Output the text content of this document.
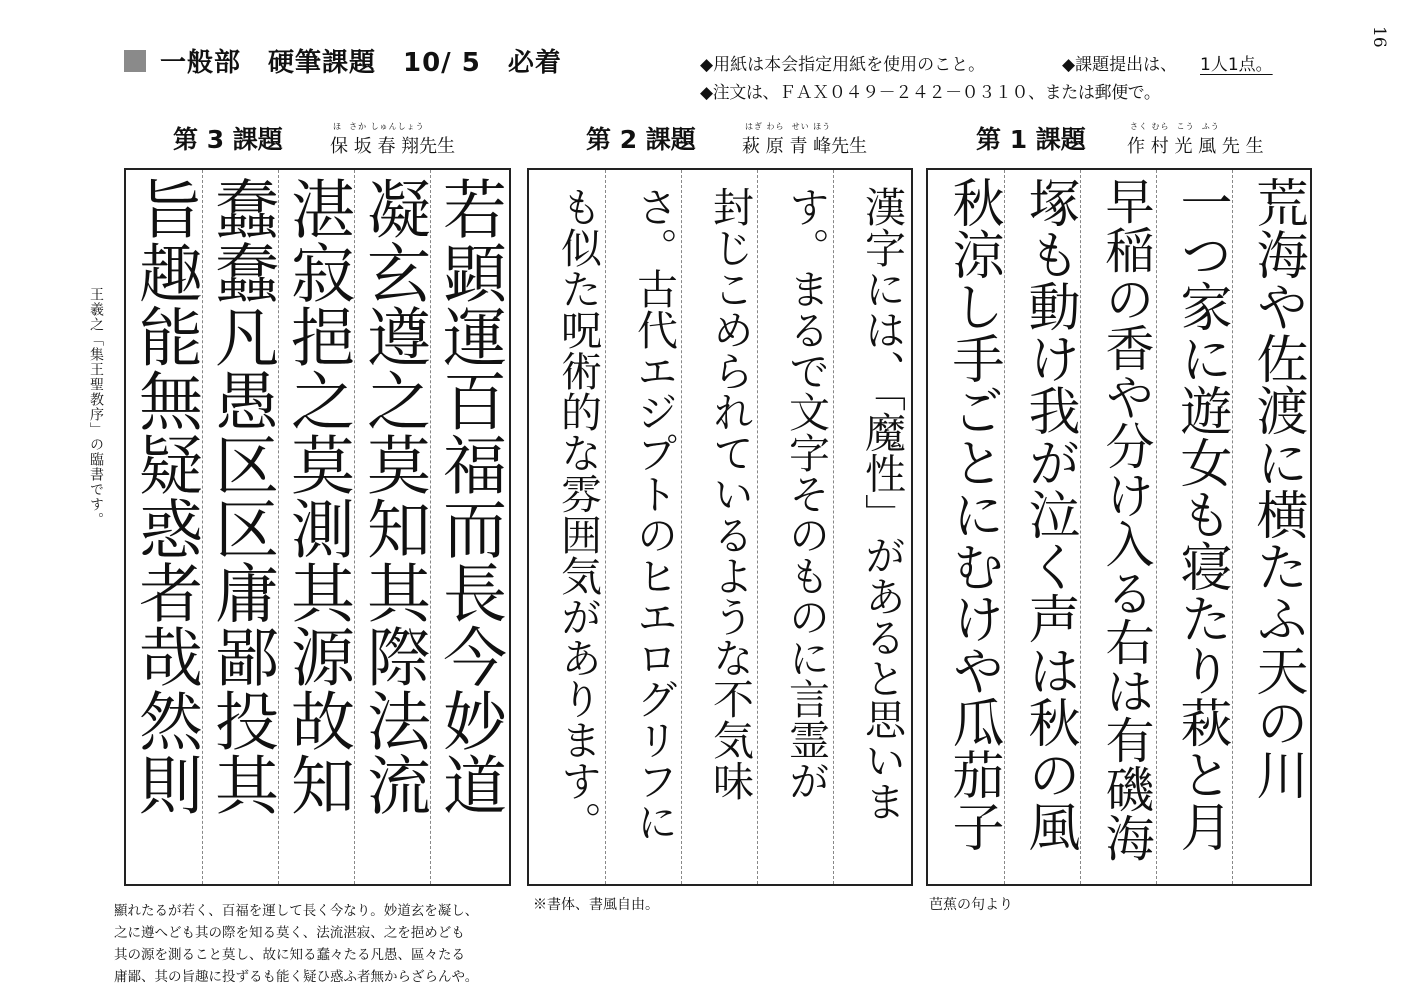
一般部　硬筆課題　10/ 5　必着	◆用紙は本会指定用紙を使用のこと。	◆課題提出は、 1人1点。
◆注文は、ＦＡＸ０４９－２４２－０３１０、または郵便で。
16
第 3 課題	ほ  さか しゅんしょう
保 坂 春 翔先生	第 2 課題	はぎ わら  せい ほう
萩 原 青 峰先生	第 1 課題	さく むら  こう  ふう
作 村 光 風 先 生
王羲之「集王聖教序」の臨書です。	若顕運百福而長今妙道
凝玄遵之莫知其際法流
湛寂挹之莫測其源故知
蠢蠢凡愚区区庸鄙投其
旨趣能無疑惑者哉然則	漢字には、「魔性」があると思いま
す。まるで文字そのものに言霊が
封じこめられているような不気味
さ。古代エジプトのヒエログリフに
も似た呪術的な雰囲気があります。	荒海や佐渡に横たふ天の川
一つ家に遊女も寝たり萩と月
早稲の香や分け入る右は有磯海
塚も動け我が泣く声は秋の風
秋涼し手ごとにむけや瓜茄子
顯れたるが若く、百福を運して長く今なり。妙道玄を凝し、
之に遵へども其の際を知る莫く、法流湛寂、之を挹めども
其の源を測ること莫し、故に知る蠢々たる凡愚、區々たる
庸鄙、其の旨趣に投ずるも能く疑ひ惑ふ者無からざらんや。
※書体、書風自由。	芭蕉の句より
